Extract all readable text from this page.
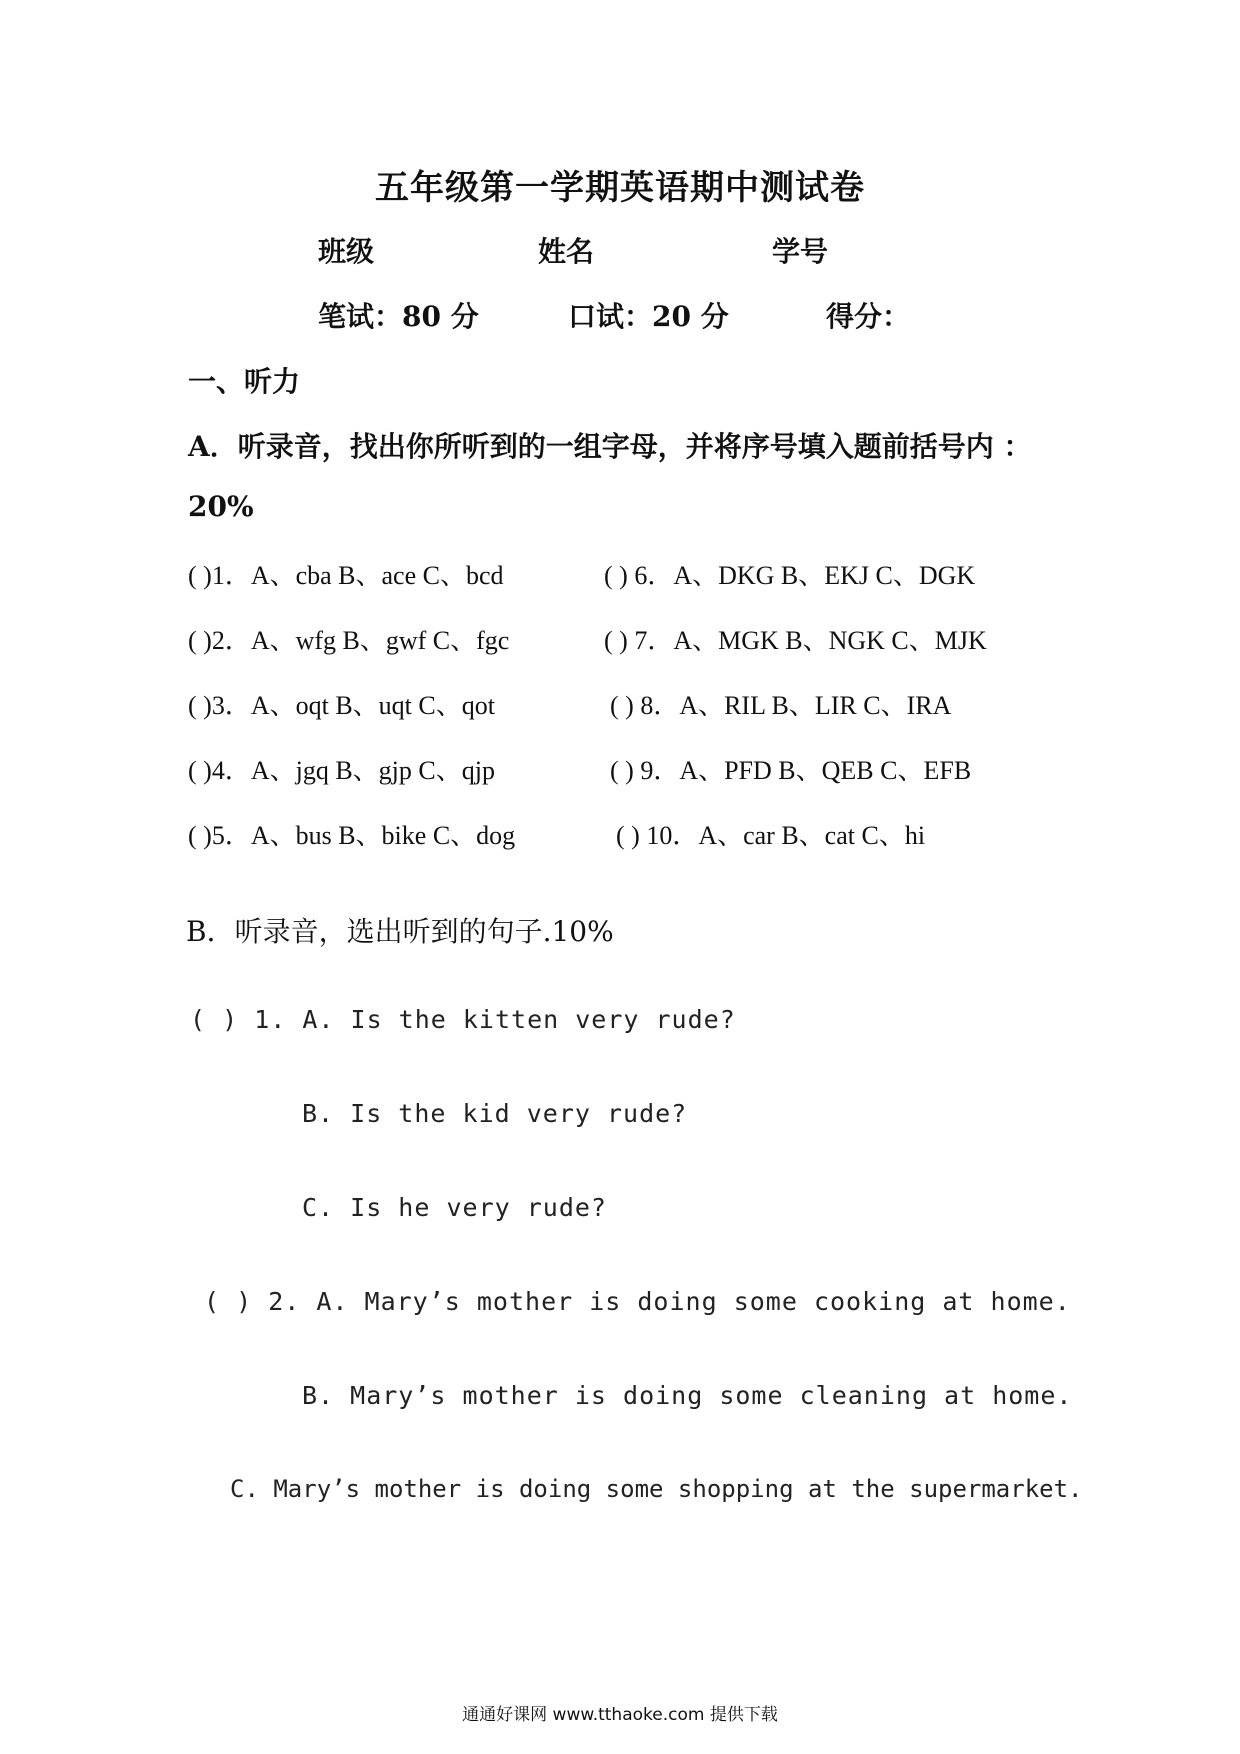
五年级第一学期英语期中测试卷
班级	姓名	学号
笔试：80 分	口试：20 分	得分：
一、听力
A．听录音，找出你所听到的一组字母，并将序号填入题前括号内 ：
20%
( )1．A、cba B、ace C、bcd
( )2．A、wfg B、gwf C、fgc
( )3．A、oqt B、uqt C、qot
( )4．A、jgq B、gjp C、qjp
( )5．A、bus B、bike C、dog
( ) 6．A、DKG B、EKJ C、DGK
( ) 7．A、MGK B、NGK C、MJK
( ) 8．A、RIL B、LIR C、IRA
( ) 9．A、PFD B、QEB C、EFB
( ) 10．A、car B、cat C、hi
B．听录音，选出听到的句子.10%
( ) 1. A. Is the kitten very rude?
B. Is the kid very rude?
C. Is he very rude?
( ) 2. A. Mary’s mother is doing some cooking at home.
B. Mary’s mother is doing some cleaning at home.
C. Mary’s mother is doing some shopping at the supermarket.
通通好课网 www.tthaoke.com 提供下载
